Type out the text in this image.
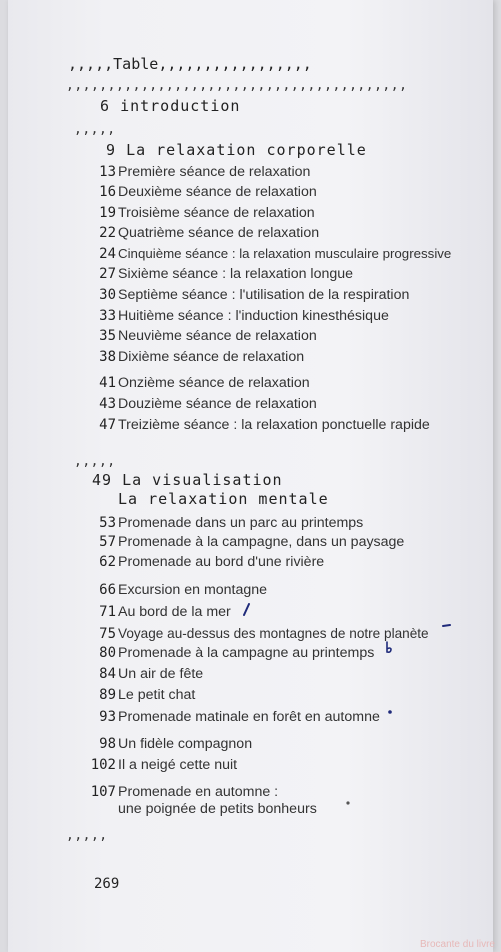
,,,,,Table,,,,,,,,,,,,,,,,,
,,,,,,,,,,,,,,,,,,,,,,,,,,,,,,,,,,,,,,,,,
6 introduction
,,,,,
9 La relaxation corporelle
13 Première séance de relaxation
16 Deuxième séance de relaxation
19 Troisième séance de relaxation
22 Quatrième séance de relaxation
24 Cinquième séance : la relaxation musculaire progressive
27 Sixième séance : la relaxation longue
30 Septième séance : l'utilisation de la respiration
33 Huitième séance : l'induction kinesthésique
35 Neuvième séance de relaxation
38 Dixième séance de relaxation
41 Onzième séance de relaxation
43 Douzième séance de relaxation
47 Treizième séance : la relaxation ponctuelle rapide
,,,,,
49 La visualisation
La relaxation mentale
53 Promenade dans un parc au printemps
57 Promenade à la campagne, dans un paysage
62 Promenade au bord d'une rivière
66 Excursion en montagne
71 Au bord de la mer
75 Voyage au-dessus des montagnes de notre planète
80 Promenade à la campagne au printemps
84 Un air de fête
89 Le petit chat
93 Promenade matinale en forêt en automne
98 Un fidèle compagnon
102 Il a neigé cette nuit
107 Promenade en automne :
une poignée de petits bonheurs
,,,,,
269
Brocante du livre
